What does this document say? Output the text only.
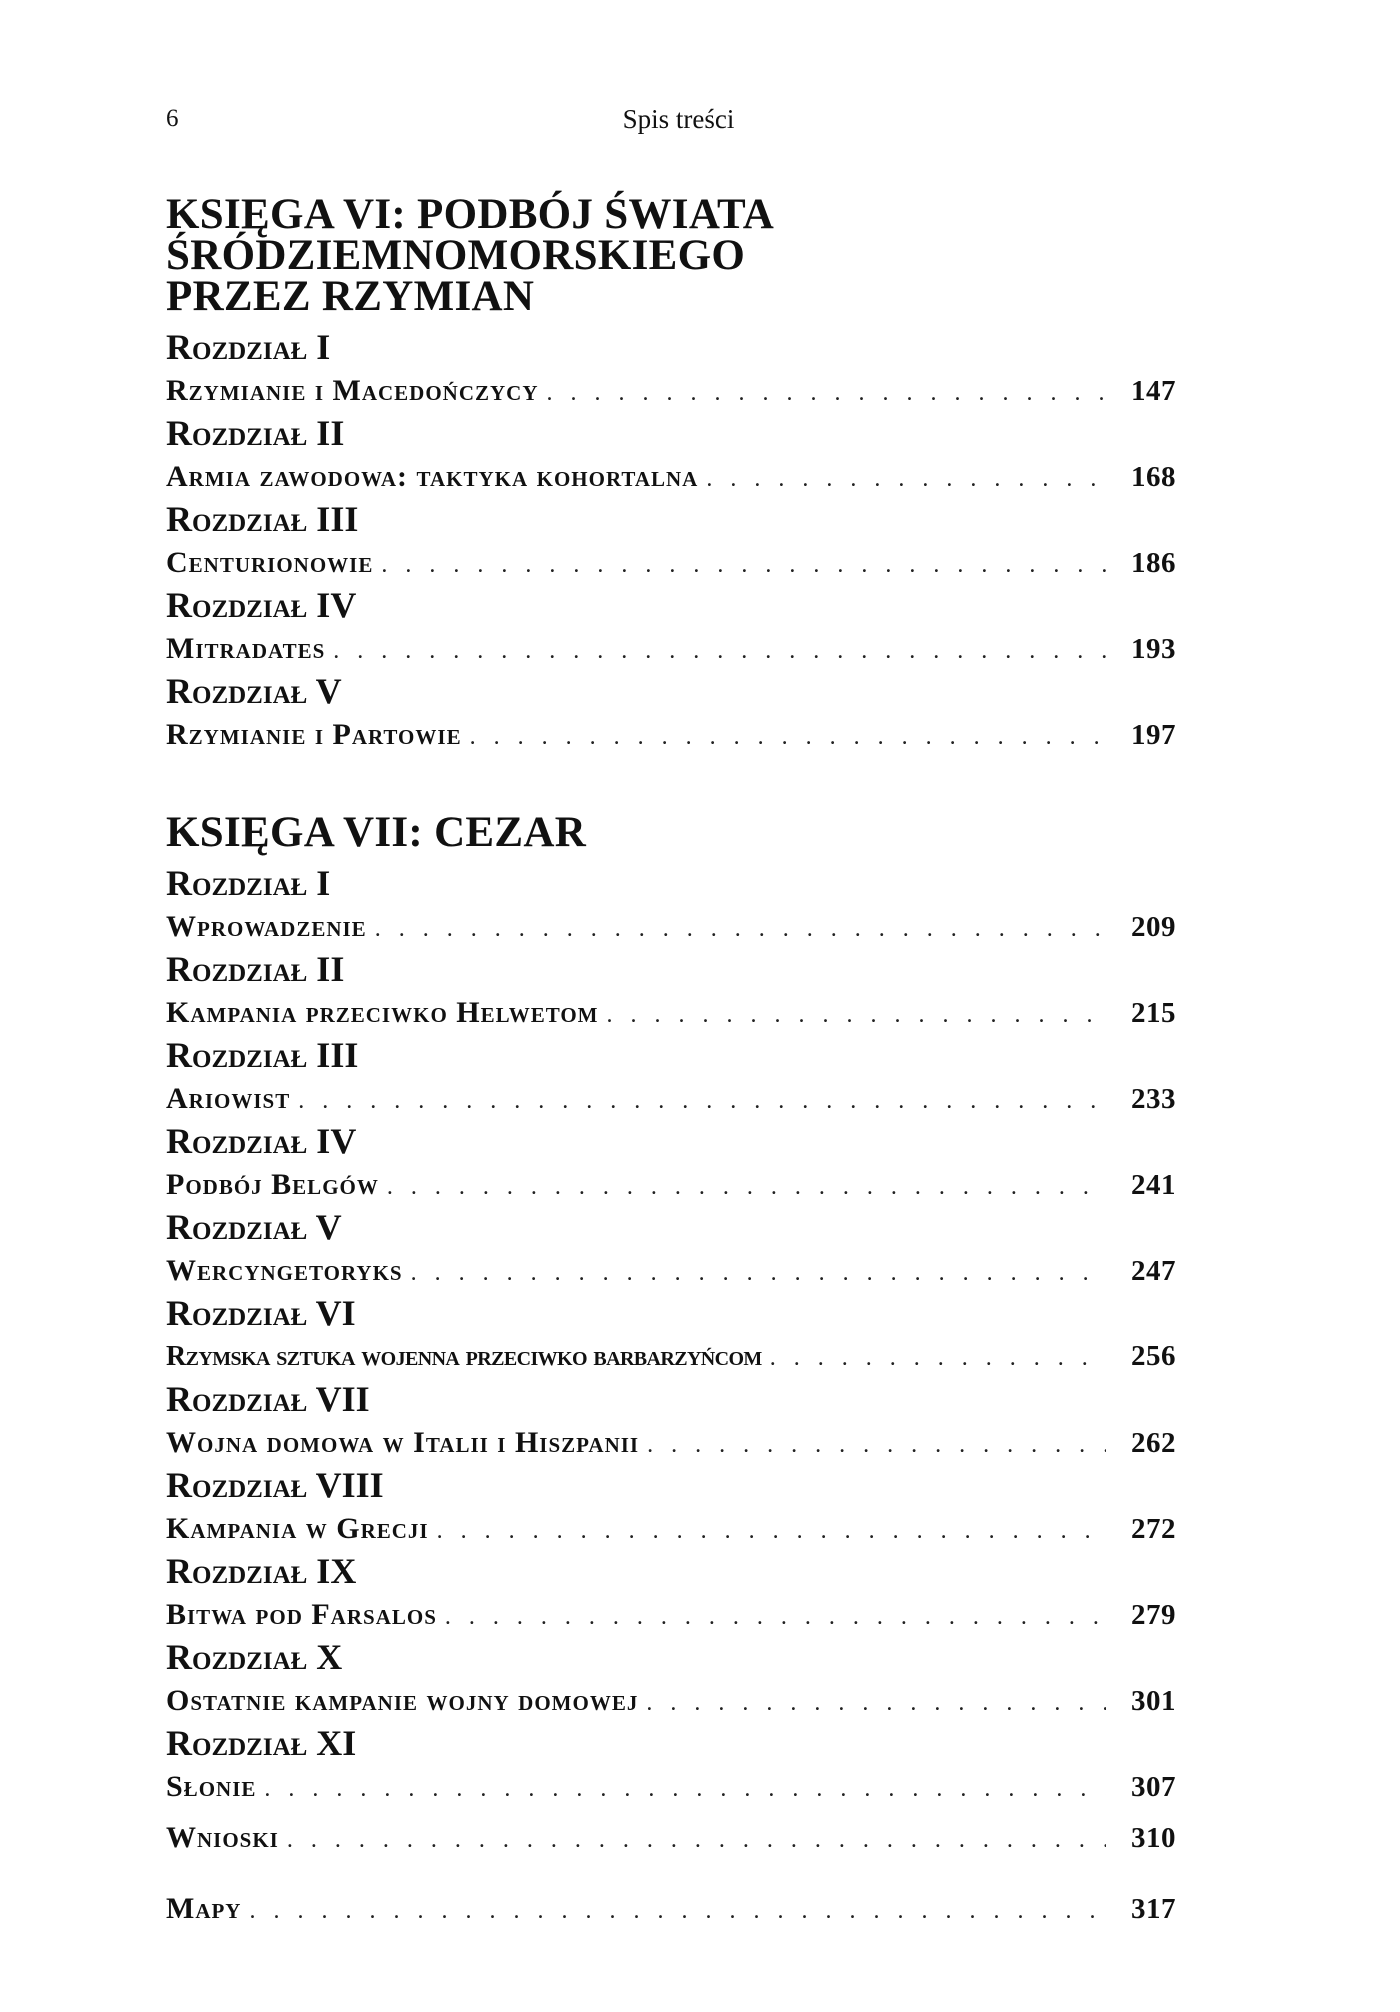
6	Spis treści
KSIĘGA VI: PODBÓJ ŚWIATA
ŚRÓDZIEMNOMORSKIEGO
PRZEZ RZYMIAN
Rozdział I
Rzymianie i Macedończycy . . .	147
Rozdział II
Armia zawodowa: taktyka kohortalna . . .	168
Rozdział III
Centurionowie . . .	186
Rozdział IV
Mitradates . . .	193
Rozdział V
Rzymianie i Partowie . . .	197
KSIĘGA VII: CEZAR
Rozdział I
Wprowadzenie . . .	209
Rozdział II
Kampania przeciwko Helwetom . . .	215
Rozdział III
Ariowist . . .	233
Rozdział IV
Podbój Belgów . . .	241
Rozdział V
Wercyngetoryks . . .	247
Rozdział VI
Rzymska sztuka wojenna przeciwko barbarzyńcom . . .	256
Rozdział VII
Wojna domowa w Italii i Hiszpanii . . .	262
Rozdział VIII
Kampania w Grecji . . .	272
Rozdział IX
Bitwa pod Farsalos . . .	279
Rozdział X
Ostatnie kampanie wojny domowej . . .	301
Rozdział XI
Słonie . . .	307
Wnioski . . .	310
Mapy . . .	317
